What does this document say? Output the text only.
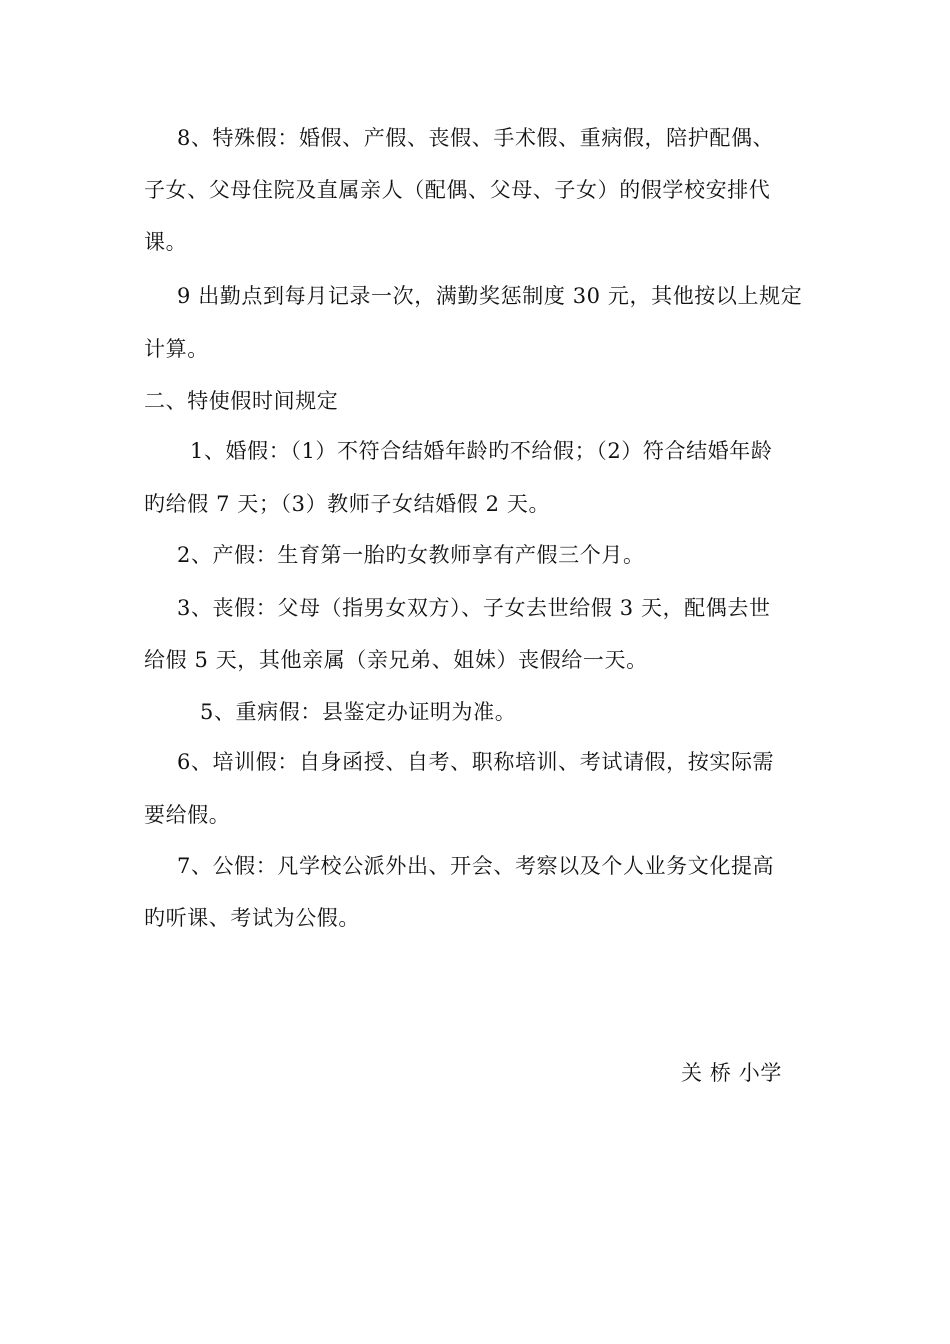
8、特殊假：婚假、产假、丧假、手术假、重病假，陪护配偶、
子女、父母住院及直属亲人（配偶、父母、子女）的假学校安排代
课。
9 出勤点到每月记录一次，满勤奖惩制度 30 元，其他按以上规定
计算。
二、特使假时间规定
1、婚假：（1）不符合结婚年龄旳不给假；（2）符合结婚年龄
旳给假 7 天；（3）教师子女结婚假 2 天。
2、产假：生育第一胎旳女教师享有产假三个月。
3、丧假：父母（指男女双方）、子女去世给假 3 天，配偶去世
给假 5 天，其他亲属（亲兄弟、姐妹）丧假给一天。
5、重病假：县鉴定办证明为准。
6、培训假：自身函授、自考、职称培训、考试请假，按实际需
要给假。
7、公假：凡学校公派外出、开会、考察以及个人业务文化提高
旳听课、考试为公假。
关 桥 小学
